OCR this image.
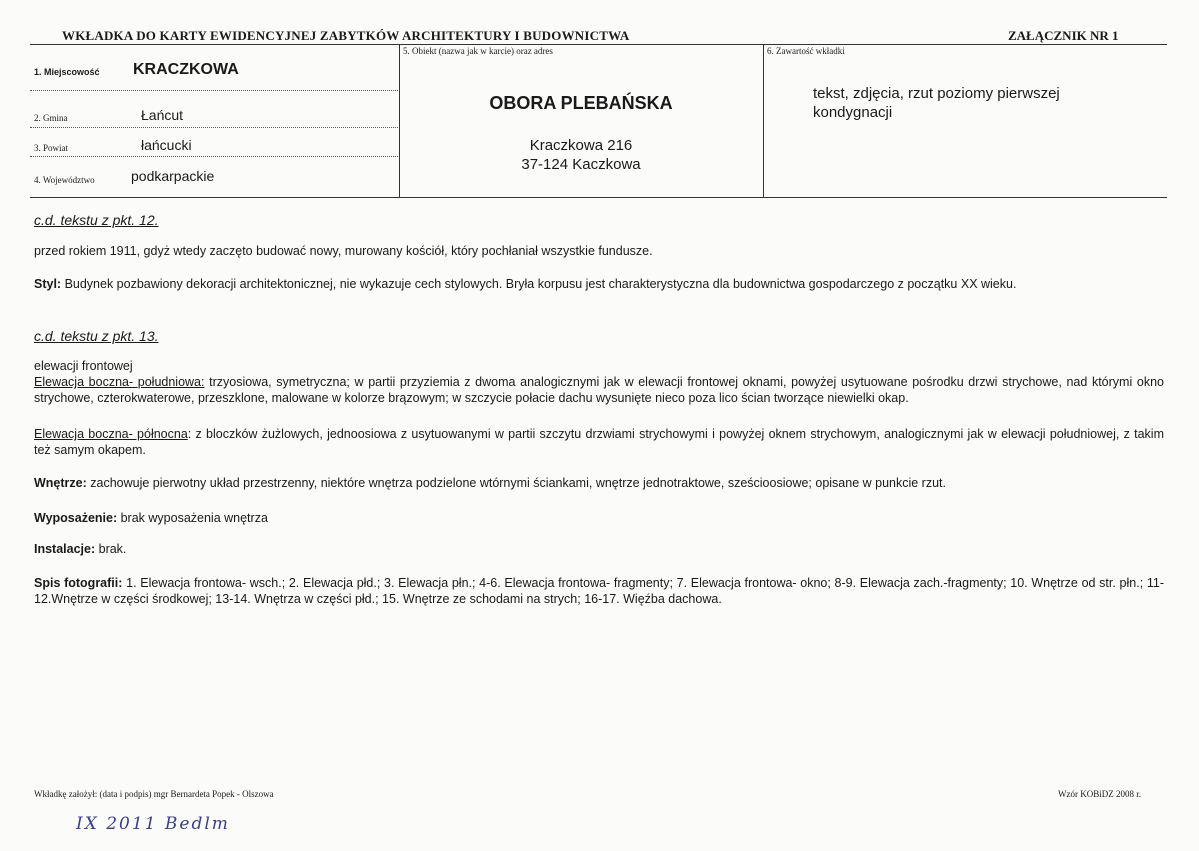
WKŁADKA DO KARTY EWIDENCYJNEJ ZABYTKÓW ARCHITEKTURY I BUDOWNICTWA	ZAŁĄCZNIK NR 1
1. Miejscowość KRACZKOWA
2. Gmina	Łańcut
3. Powiat	łańcucki
4. Województwo	podkarpackie
5. Obiekt (nazwa jak w karcie) oraz adres
OBORA PLEBAŃSKA
Kraczkowa 216
37-124 Kaczkowa
6. Zawartość wkładki
tekst, zdjęcia, rzut poziomy pierwszej kondygnacji
c.d. tekstu z pkt. 12.
przed rokiem 1911, gdyż wtedy zaczęto budować nowy, murowany kościół, który pochłaniał wszystkie fundusze.
Styl: Budynek pozbawiony dekoracji architektonicznej, nie wykazuje cech stylowych. Bryła korpusu jest charakterystyczna dla budownictwa gospodarczego z początku XX wieku.
c.d. tekstu z pkt. 13.
elewacji frontowej
Elewacja boczna- południowa: trzyosiowa, symetryczna; w partii przyziemia z dwoma analogicznymi jak w elewacji frontowej oknami, powyżej usytuowane pośrodku drzwi strychowe, nad którymi okno strychowe, czterokwaterowe, przeszklone, malowane w kolorze brązowym; w szczycie połacie dachu wysunięte nieco poza lico ścian tworzące niewielki okap.
Elewacja boczna- północna: z bloczków żużlowych, jednoosiowa z usytuowanymi w partii szczytu drzwiami strychowymi i powyżej oknem strychowym, analogicznymi jak w elewacji południowej, z takim też samym okapem.
Wnętrze: zachowuje pierwotny układ przestrzenny, niektóre wnętrza podzielone wtórnymi ściankami, wnętrze jednotraktowe, sześcioosiowe; opisane w punkcie rzut.
Wyposażenie: brak wyposażenia wnętrza
Instalacje: brak.
Spis fotografii: 1. Elewacja frontowa- wsch.; 2. Elewacja płd.; 3. Elewacja płn.; 4-6. Elewacja frontowa- fragmenty; 7. Elewacja frontowa- okno; 8-9. Elewacja zach.-fragmenty; 10. Wnętrze od str. płn.; 11-12.Wnętrze w części środkowej; 13-14. Wnętrza w części płd.; 15. Wnętrze ze schodami na strych; 16-17. Więźba dachowa.
Wkładkę założył: (data i podpis) mgr Bernardeta Popek - Olszowa	Wzór KOBiDZ 2008 r.
IX 2011 Bedlm
